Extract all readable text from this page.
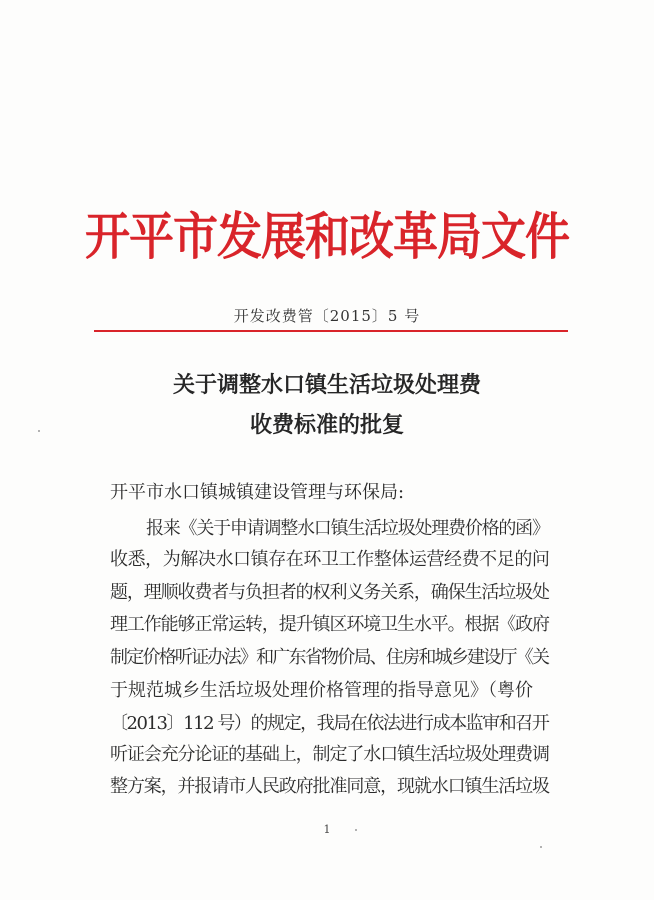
开平市发展和改革局文件
开发改费管〔2015〕5 号
关于调整水口镇生活垃圾处理费
收费标准的批复
开平市水口镇城镇建设管理与环保局:
报来《关于申请调整水口镇生活垃圾处理费价格的函》
收悉，为解决水口镇存在环卫工作整体运营经费不足的问
题，理顺收费者与负担者的权利义务关系，确保生活垃圾处
理工作能够正常运转，提升镇区环境卫生水平。根据《政府
制定价格听证办法》和广东省物价局、住房和城乡建设厅《关
于规范城乡生活垃圾处理价格管理的指导意见》（粤价
〔2013〕112 号）的规定，我局在依法进行成本监审和召开
听证会充分论证的基础上，制定了水口镇生活垃圾处理费调
整方案，并报请市人民政府批准同意，现就水口镇生活垃圾
1
